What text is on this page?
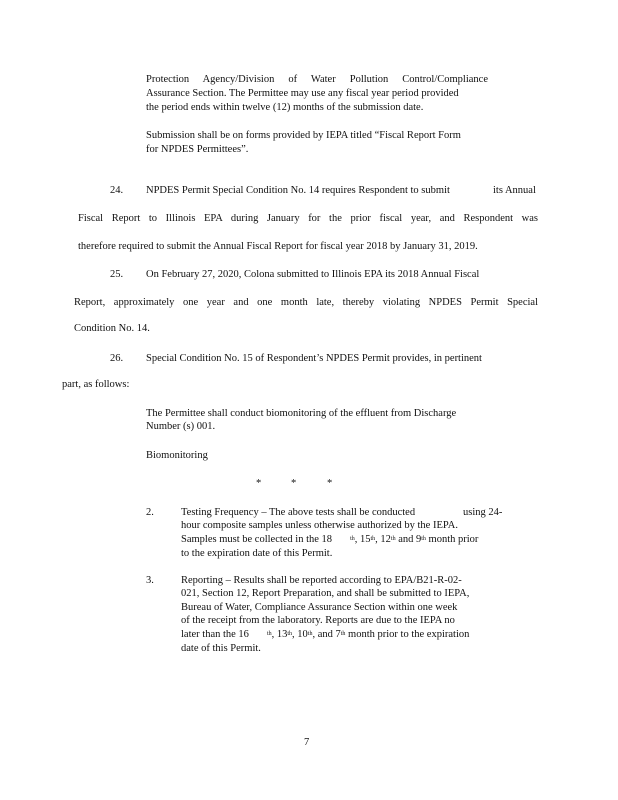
Protection Agency/Division of Water Pollution Control/Compliance
Assurance Section. The Permittee may use any fiscal year period provided
the period ends within twelve (12) months of the submission date.
Submission shall be on forms provided by IEPA titled “Fiscal Report Form
for NPDES Permittees”.
24. NPDES Permit Special Condition No. 14 requires Respondent to submit	its Annual
Fiscal Report to Illinois EPA during January for the prior fiscal year, and Respondent was
therefore required to submit the Annual Fiscal Report for fiscal year 2018 by January 31, 2019.
25. On February 27, 2020, Colona submitted to Illinois EPA its 2018 Annual Fiscal
Report, approximately one year and one month late, thereby violating NPDES Permit Special
Condition No. 14.
26. Special Condition No. 15 of Respondent’s NPDES Permit provides, in pertinent
part, as follows:
The Permittee shall conduct biomonitoring of the effluent from Discharge
Number (s) 001.
Biomonitoring
*	*	*
2.	Testing Frequency – The above tests shall be conducted	using 24-
hour composite samples unless otherwise authorized by the IEPA.
Samples must be collected in the 18	$^{th}$, 15th, 12th and 9th month prior
to the expiration date of this Permit.
3.	Reporting – Results shall be reported according to EPA/B21-R-02-
021, Section 12, Report Preparation, and shall be submitted to IEPA,
Bureau of Water, Compliance Assurance Section within one week
of the receipt from the laboratory. Reports are due to the IEPA no
later than the 16	$^{th}$, 13th, 10th, and 7th month prior to the expiration
date of this Permit.
7
